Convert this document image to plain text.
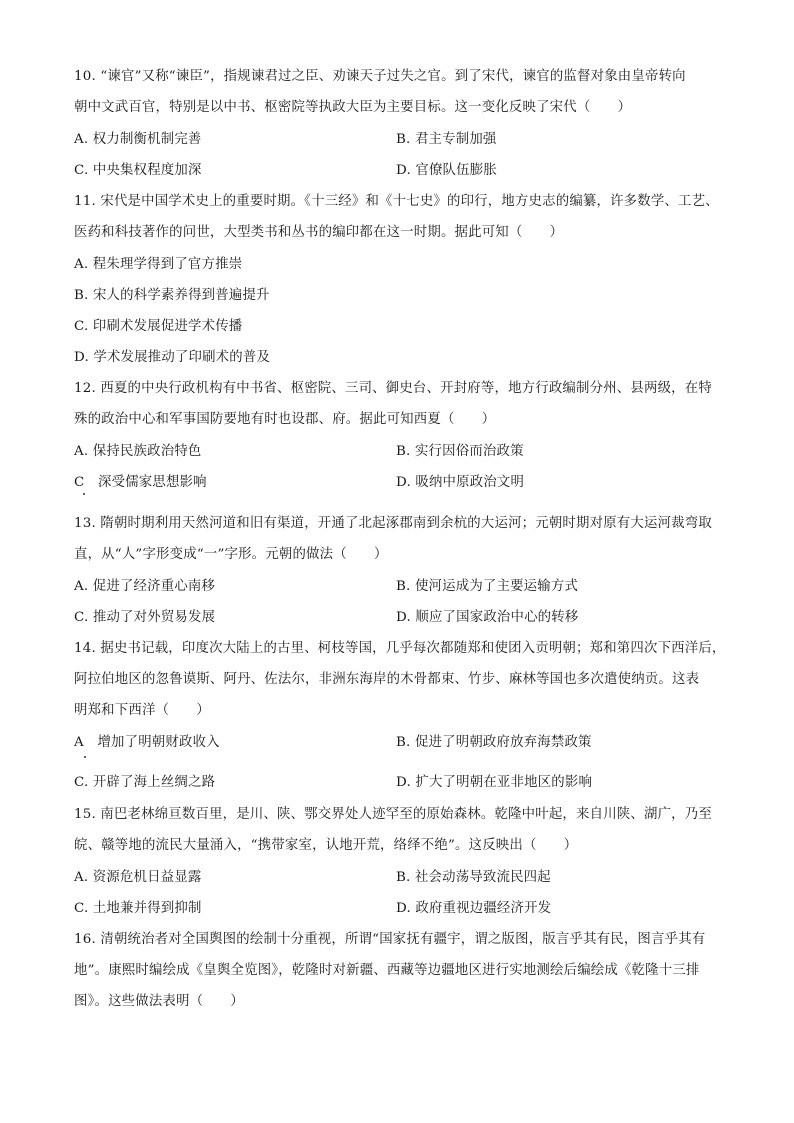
10. “谏官”又称“谏臣”，指规谏君过之臣、劝谏天子过失之官。到了宋代，谏官的监督对象由皇帝转向
朝中文武百官，特别是以中书、枢密院等执政大臣为主要目标。这一变化反映了宋代（　　）
A. 权力制衡机制完善	B. 君主专制加强
C. 中央集权程度加深	D. 官僚队伍膨胀
11. 宋代是中国学术史上的重要时期。《十三经》和《十七史》的印行，地方史志的编纂，许多数学、工艺、
医药和科技著作的问世，大型类书和丛书的编印都在这一时期。据此可知（　　）
A. 程朱理学得到了官方推崇
B. 宋人的科学素养得到普遍提升
C. 印刷术发展促进学术传播
D. 学术发展推动了印刷术的普及
12. 西夏的中央行政机构有中书省、枢密院、三司、御史台、开封府等，地方行政编制分州、县两级，在特
殊的政治中心和军事国防要地有时也设郡、府。据此可知西夏（　　）
A. 保持民族政治特色	B. 实行因俗而治政策
C　深受儒家思想影响	D. 吸纳中原政治文明
13. 隋朝时期利用天然河道和旧有渠道，开通了北起涿郡南到余杭的大运河；元朝时期对原有大运河裁弯取
直，从“人”字形变成“一”字形。元朝的做法（　　）
A. 促进了经济重心南移	B. 使河运成为了主要运输方式
C. 推动了对外贸易发展	D. 顺应了国家政治中心的转移
14. 据史书记载，印度次大陆上的古里、柯枝等国，几乎每次都随郑和使团入贡明朝；郑和第四次下西洋后，
阿拉伯地区的忽鲁谟斯、阿丹、佐法尔，非洲东海岸的木骨都束、竹步、麻林等国也多次遣使纳贡。这表
明郑和下西洋（　　）
A　增加了明朝财政收入	B. 促进了明朝政府放弃海禁政策
C. 开辟了海上丝绸之路	D. 扩大了明朝在亚非地区的影响
15. 南巴老林绵亘数百里，是川、陕、鄂交界处人迹罕至的原始森林。乾隆中叶起，来自川陕、湖广，乃至
皖、赣等地的流民大量涌入，“携带家室，认地开荒，络绎不绝”。这反映出（　　）
A. 资源危机日益显露	B. 社会动荡导致流民四起
C. 土地兼并得到抑制	D. 政府重视边疆经济开发
16. 清朝统治者对全国舆图的绘制十分重视，所谓“国家抚有疆宇，谓之版图，版言乎其有民，图言乎其有
地”。康熙时编绘成《皇舆全览图》，乾隆时对新疆、西藏等边疆地区进行实地测绘后编绘成《乾隆十三排
图》。这些做法表明（　　）
